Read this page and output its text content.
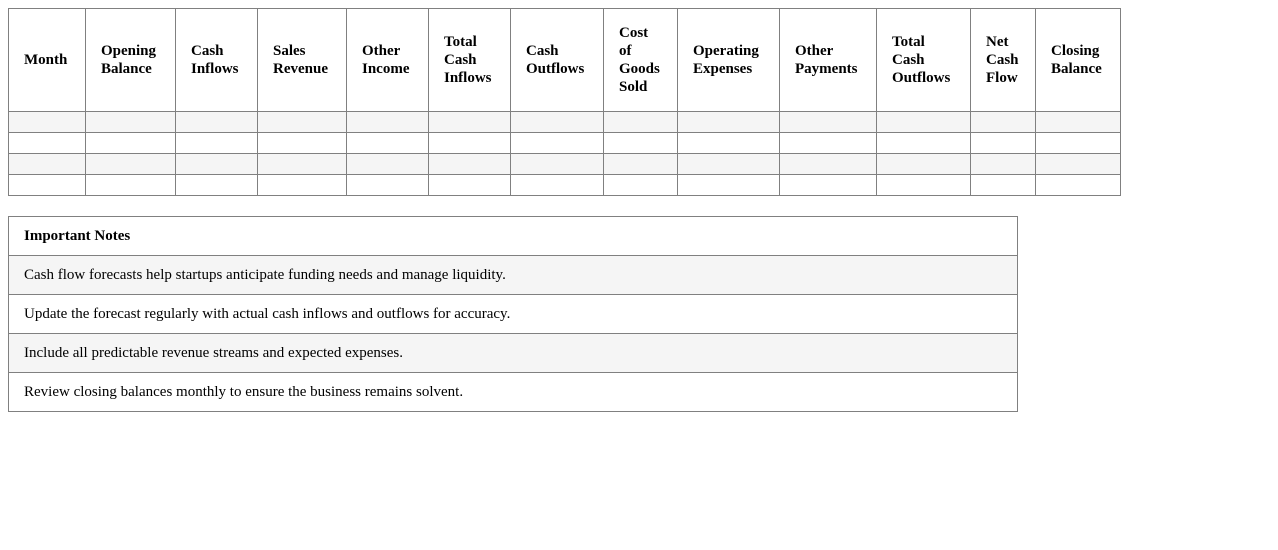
Month	Opening Balance	Cash Inflows	Sales Revenue	Other Income	Total Cash Inflows	Cash Outflows	Cost of Goods Sold	Operating Expenses	Other Payments	Total Cash Outflows	Net Cash Flow	Closing Balance

Important Notes
Cash flow forecasts help startups anticipate funding needs and manage liquidity.
Update the forecast regularly with actual cash inflows and outflows for accuracy.
Include all predictable revenue streams and expected expenses.
Review closing balances monthly to ensure the business remains solvent.
